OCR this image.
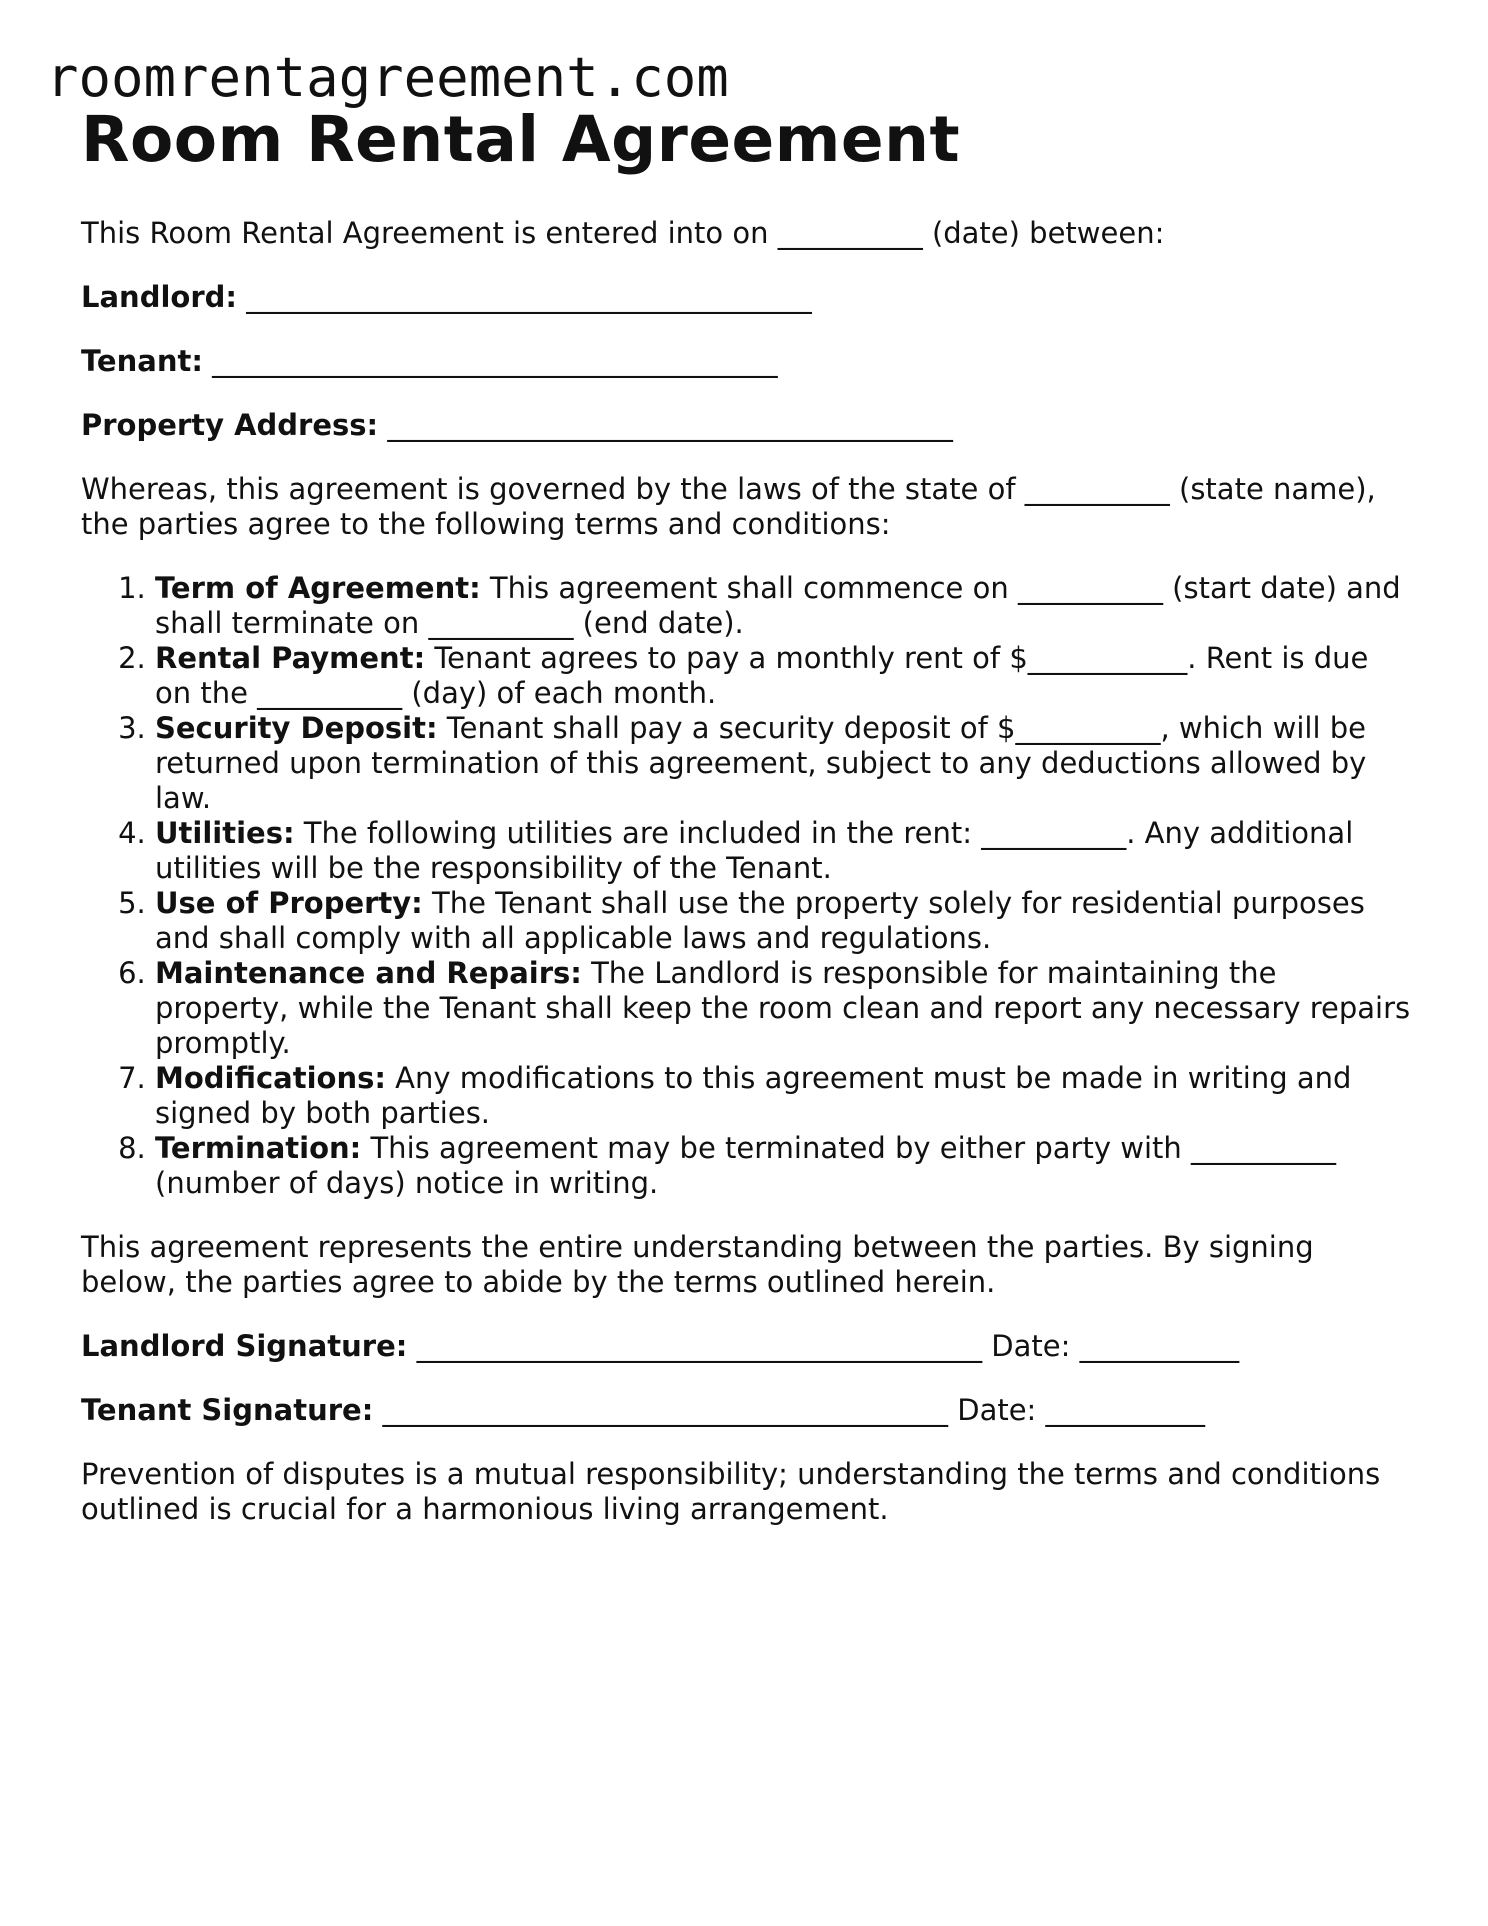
roomrentagreement.com
Room Rental Agreement

This Room Rental Agreement is entered into on __________ (date) between:

Landlord: _______________________________________

Tenant: _______________________________________

Property Address: _______________________________________

Whereas, this agreement is governed by the laws of the state of __________ (state name), the parties agree to the following terms and conditions:

1. Term of Agreement: This agreement shall commence on __________ (start date) and shall terminate on __________ (end date).
2. Rental Payment: Tenant agrees to pay a monthly rent of $___________. Rent is due on the __________ (day) of each month.
3. Security Deposit: Tenant shall pay a security deposit of $__________, which will be returned upon termination of this agreement, subject to any deductions allowed by law.
4. Utilities: The following utilities are included in the rent: __________. Any additional utilities will be the responsibility of the Tenant.
5. Use of Property: The Tenant shall use the property solely for residential purposes and shall comply with all applicable laws and regulations.
6. Maintenance and Repairs: The Landlord is responsible for maintaining the property, while the Tenant shall keep the room clean and report any necessary repairs promptly.
7. Modifications: Any modifications to this agreement must be made in writing and signed by both parties.
8. Termination: This agreement may be terminated by either party with __________ (number of days) notice in writing.

This agreement represents the entire understanding between the parties. By signing below, the parties agree to abide by the terms outlined herein.

Landlord Signature: _______________________________________ Date: ___________

Tenant Signature: _______________________________________ Date: ___________

Prevention of disputes is a mutual responsibility; understanding the terms and conditions outlined is crucial for a harmonious living arrangement.
